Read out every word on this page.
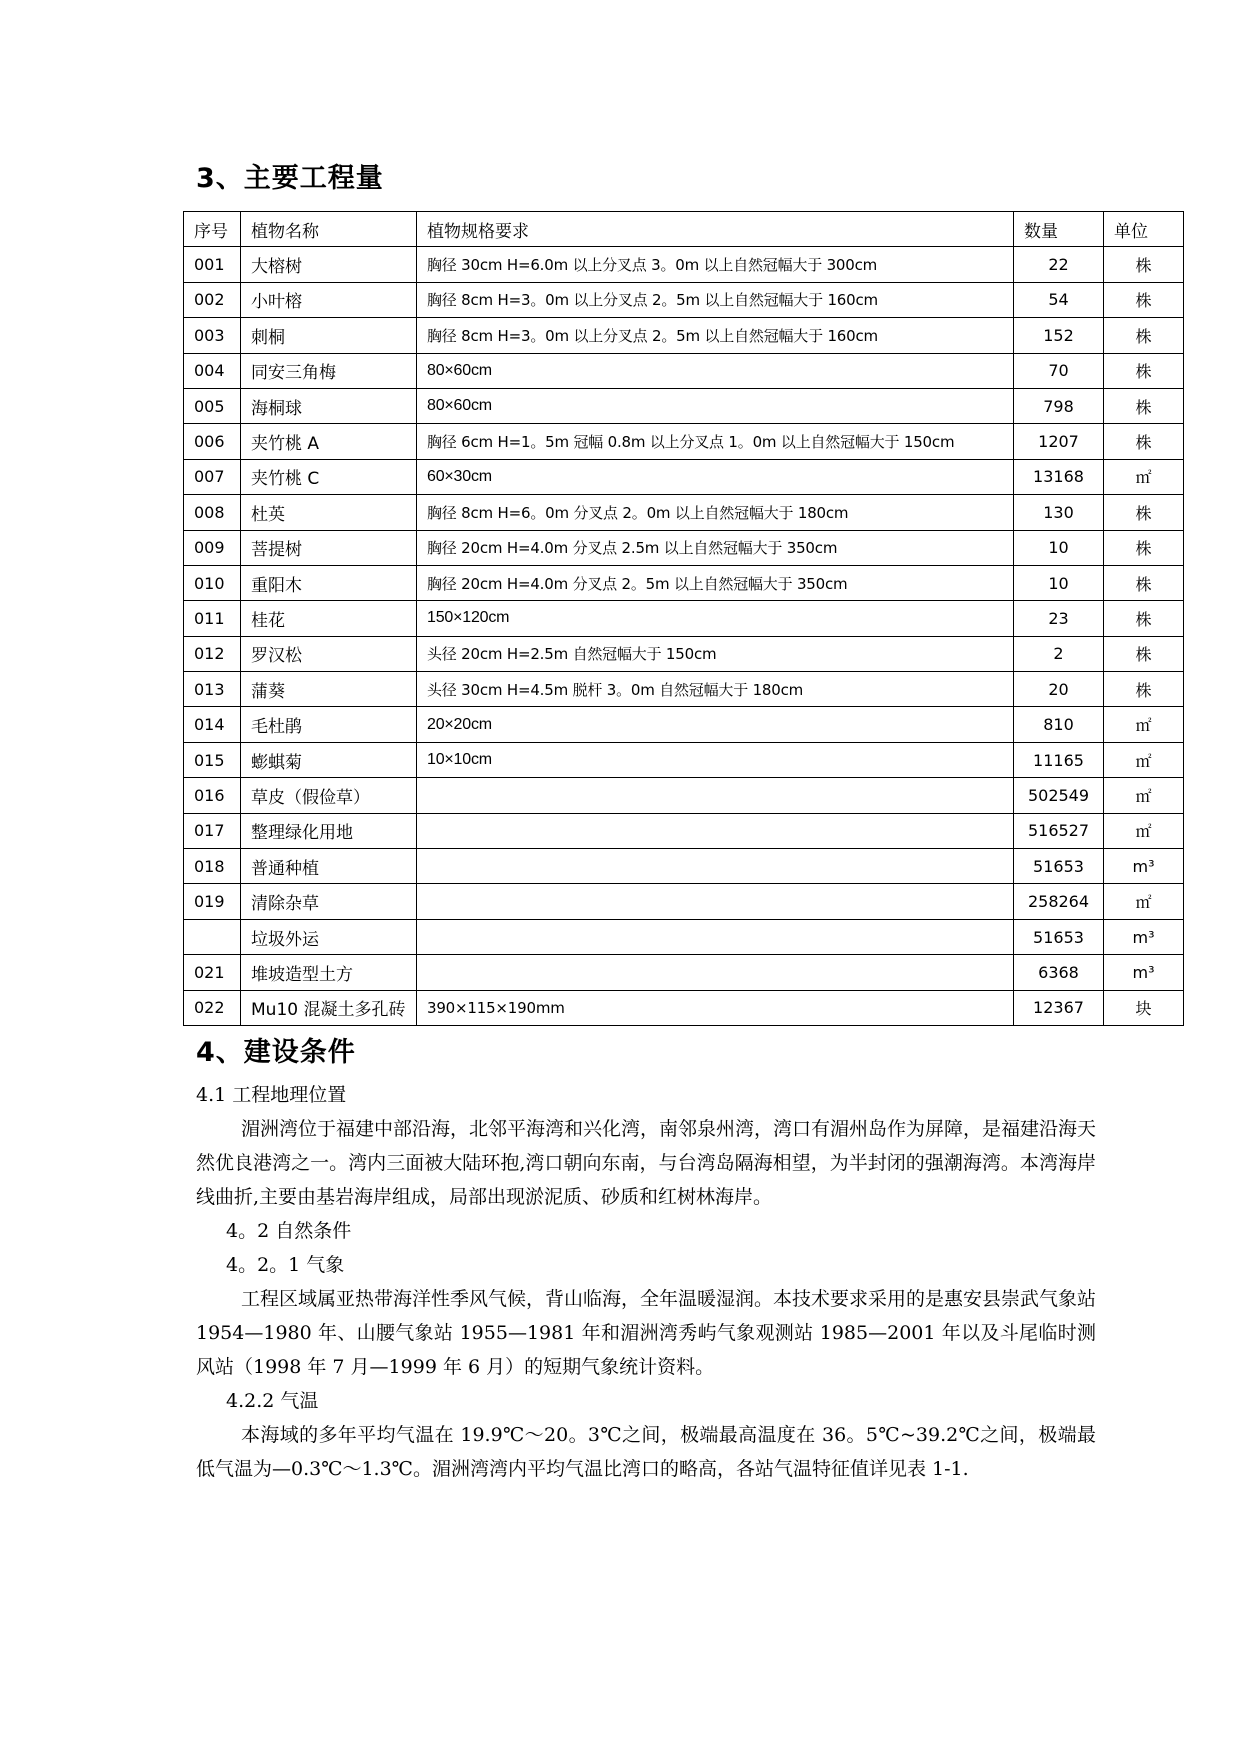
3、主要工程量
序号	植物名称	植物规格要求	数量	单位
001	大榕树	胸径 30cm H=6.0m 以上分叉点 3。0m 以上自然冠幅大于 300cm	22	株
002	小叶榕	胸径 8cm H=3。0m 以上分叉点 2。5m 以上自然冠幅大于 160cm	54	株
003	刺桐	胸径 8cm H=3。0m 以上分叉点 2。5m 以上自然冠幅大于 160cm	152	株
004	同安三角梅	80×60cm	70	株
005	海桐球	80×60cm	798	株
006	夹竹桃 A	胸径 6cm H=1。5m 冠幅 0.8m 以上分叉点 1。0m 以上自然冠幅大于 150cm	1207	株
007	夹竹桃 C	60×30cm	13168	㎡
008	杜英	胸径 8cm H=6。0m 分叉点 2。0m 以上自然冠幅大于 180cm	130	株
009	菩提树	胸径 20cm H=4.0m 分叉点 2.5m 以上自然冠幅大于 350cm	10	株
010	重阳木	胸径 20cm H=4.0m 分叉点 2。5m 以上自然冠幅大于 350cm	10	株
011	桂花	150×120cm	23	株
012	罗汉松	头径 20cm H=2.5m 自然冠幅大于 150cm	2	株
013	蒲葵	头径 30cm H=4.5m 脱杆 3。0m 自然冠幅大于 180cm	20	株
014	毛杜鹃	20×20cm	810	㎡
015	蟛蜞菊	10×10cm	11165	㎡
016	草皮（假俭草）		502549	㎡
017	整理绿化用地		516527	㎡
018	普通种植		51653	m³
019	清除杂草		258264	㎡
	垃圾外运		51653	m³
021	堆坡造型土方		6368	m³
022	Mu10 混凝土多孔砖	390×115×190mm	12367	块
4、建设条件

4.1 工程地理位置

湄洲湾位于福建中部沿海，北邻平海湾和兴化湾，南邻泉州湾，湾口有湄州岛作为屏障，是福建沿海天然优良港湾之一。湾内三面被大陆环抱,湾口朝向东南，与台湾岛隔海相望，为半封闭的强潮海湾。本湾海岸线曲折,主要由基岩海岸组成，局部出现淤泥质、砂质和红树林海岸。

4。2 自然条件

4。2。1 气象

工程区域属亚热带海洋性季风气候，背山临海，全年温暖湿润。本技术要求采用的是惠安县崇武气象站 1954—1980 年、山腰气象站 1955—1981 年和湄洲湾秀屿气象观测站 1985—2001 年以及斗尾临时测风站（1998 年 7 月—1999 年 6 月）的短期气象统计资料。

4.2.2 气温

本海域的多年平均气温在 19.9℃～20。3℃之间，极端最高温度在 36。5℃~39.2℃之间，极端最低气温为—0.3℃～1.3℃。湄洲湾湾内平均气温比湾口的略高，各站气温特征值详见表 1-1.
